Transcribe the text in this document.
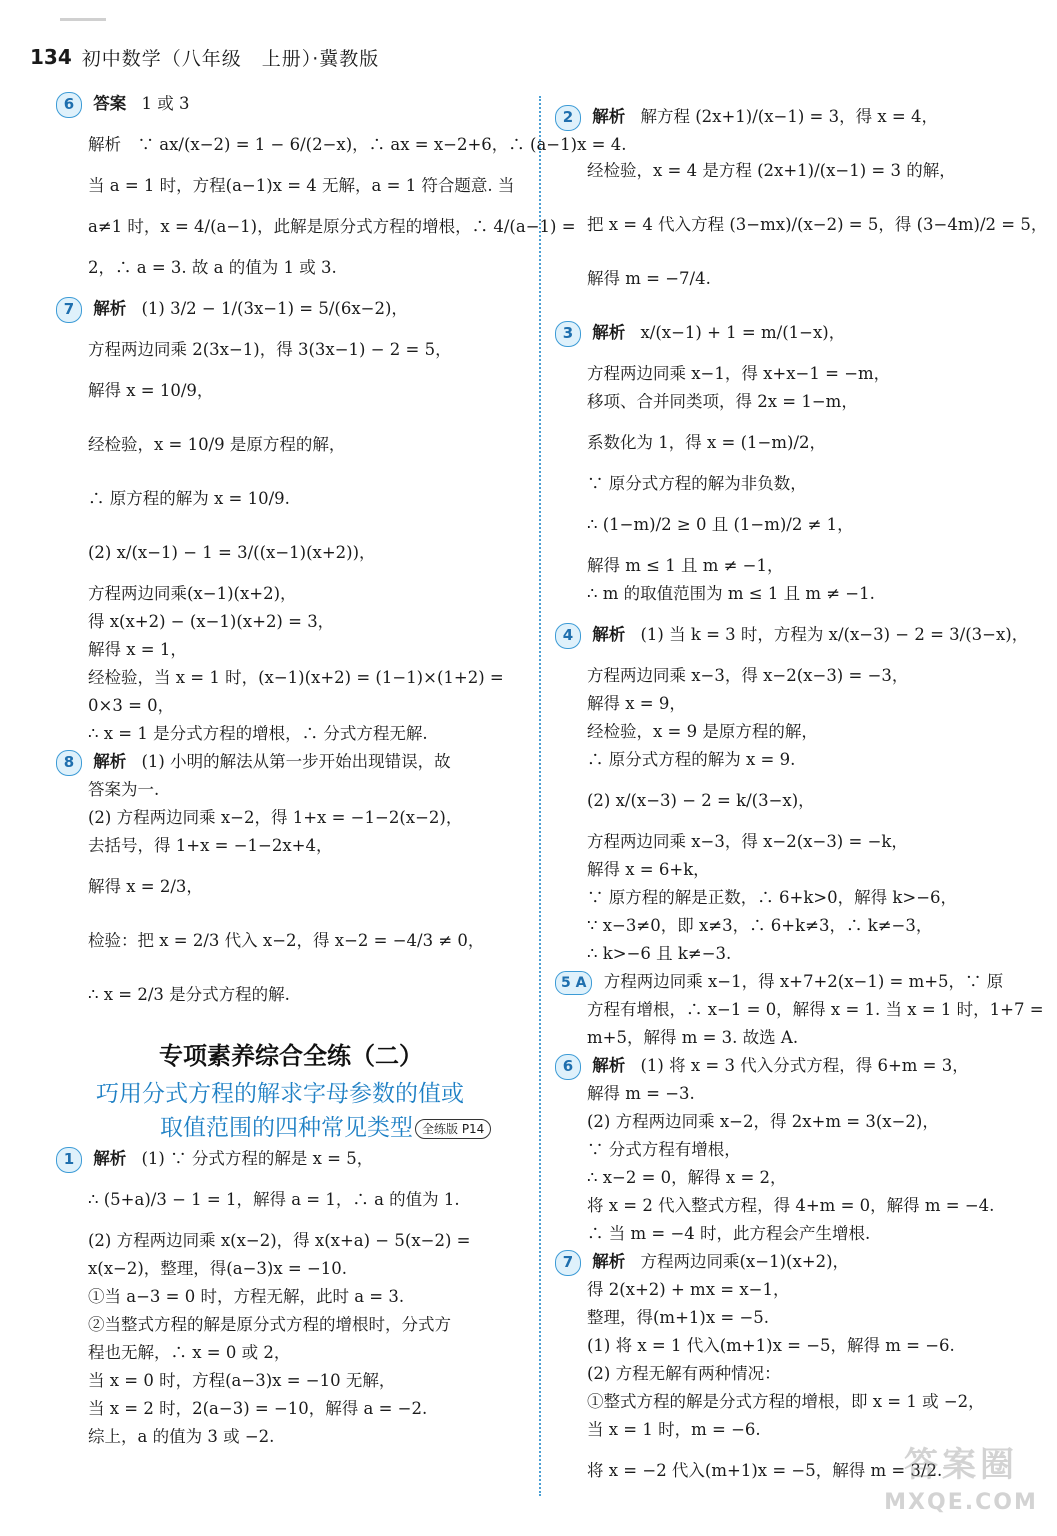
134 初中数学（八年级　上册）·冀教版
6 答案 1 或 3
解析　∵ ax/(x−2) = 1 − 6/(2−x)，∴ ax = x−2+6，∴ (a−1)x = 4.
当 a = 1 时，方程(a−1)x = 4 无解，a = 1 符合题意. 当
a≠1 时，x = 4/(a−1)，此解是原分式方程的增根，∴ 4/(a−1) =
2，∴ a = 3. 故 a 的值为 1 或 3.
7 解析 (1) 3/2 − 1/(3x−1) = 5/(6x−2)，
方程两边同乘 2(3x−1)，得 3(3x−1) − 2 = 5，
解得 x = 10/9，
经检验，x = 10/9 是原方程的解，
∴ 原方程的解为 x = 10/9.
(2) x/(x−1) − 1 = 3/((x−1)(x+2))，
方程两边同乘(x−1)(x+2)，
得 x(x+2) − (x−1)(x+2) = 3，
解得 x = 1，
经检验，当 x = 1 时，(x−1)(x+2) = (1−1)×(1+2) =
0×3 = 0，
∴ x = 1 是分式方程的增根，∴ 分式方程无解.
8 解析 (1) 小明的解法从第一步开始出现错误，故
答案为一.
(2) 方程两边同乘 x−2，得 1+x = −1−2(x−2)，
去括号，得 1+x = −1−2x+4，
解得 x = 2/3，
检验：把 x = 2/3 代入 x−2，得 x−2 = −4/3 ≠ 0，
∴ x = 2/3 是分式方程的解.
专项素养综合全练（二）
巧用分式方程的解求字母参数的值或
取值范围的四种常见类型 全练版 P14
1 解析 (1) ∵ 分式方程的解是 x = 5，
∴ (5+a)/3 − 1 = 1，解得 a = 1，∴ a 的值为 1.
(2) 方程两边同乘 x(x−2)，得 x(x+a) − 5(x−2) =
x(x−2)，整理，得(a−3)x = −10.
①当 a−3 = 0 时，方程无解，此时 a = 3.
②当整式方程的解是原分式方程的增根时，分式方
程也无解，∴ x = 0 或 2，
当 x = 0 时，方程(a−3)x = −10 无解，
当 x = 2 时，2(a−3) = −10，解得 a = −2.
综上，a 的值为 3 或 −2.
2 解析 解方程 (2x+1)/(x−1) = 3，得 x = 4，
经检验，x = 4 是方程 (2x+1)/(x−1) = 3 的解，
把 x = 4 代入方程 (3−mx)/(x−2) = 5，得 (3−4m)/2 = 5，
解得 m = −7/4.
3 解析 x/(x−1) + 1 = m/(1−x)，
方程两边同乘 x−1，得 x+x−1 = −m，
移项、合并同类项，得 2x = 1−m，
系数化为 1，得 x = (1−m)/2，
∵ 原分式方程的解为非负数，
∴ (1−m)/2 ≥ 0 且 (1−m)/2 ≠ 1，
解得 m ≤ 1 且 m ≠ −1，
∴ m 的取值范围为 m ≤ 1 且 m ≠ −1.
4 解析 (1) 当 k = 3 时，方程为 x/(x−3) − 2 = 3/(3−x)，
方程两边同乘 x−3，得 x−2(x−3) = −3，
解得 x = 9，
经检验，x = 9 是原方程的解，
∴ 原分式方程的解为 x = 9.
(2) x/(x−3) − 2 = k/(3−x)，
方程两边同乘 x−3，得 x−2(x−3) = −k，
解得 x = 6+k，
∵ 原方程的解是正数，∴ 6+k>0，解得 k>−6，
∵ x−3≠0，即 x≠3，∴ 6+k≠3，∴ k≠−3，
∴ k>−6 且 k≠−3.
5 A 方程两边同乘 x−1，得 x+7+2(x−1) = m+5，∵ 原
方程有增根，∴ x−1 = 0，解得 x = 1. 当 x = 1 时，1+7 =
m+5，解得 m = 3. 故选 A.
6 解析 (1) 将 x = 3 代入分式方程，得 6+m = 3，
解得 m = −3.
(2) 方程两边同乘 x−2，得 2x+m = 3(x−2)，
∵ 分式方程有增根，
∴ x−2 = 0，解得 x = 2，
将 x = 2 代入整式方程，得 4+m = 0，解得 m = −4.
∴ 当 m = −4 时，此方程会产生增根.
7 解析 方程两边同乘(x−1)(x+2)，
得 2(x+2) + mx = x−1，
整理，得(m+1)x = −5.
(1) 将 x = 1 代入(m+1)x = −5，解得 m = −6.
(2) 方程无解有两种情况：
①整式方程的解是分式方程的增根，即 x = 1 或 −2，
当 x = 1 时，m = −6.
将 x = −2 代入(m+1)x = −5，解得 m = 3/2.
答案圈
MXQE.COM
